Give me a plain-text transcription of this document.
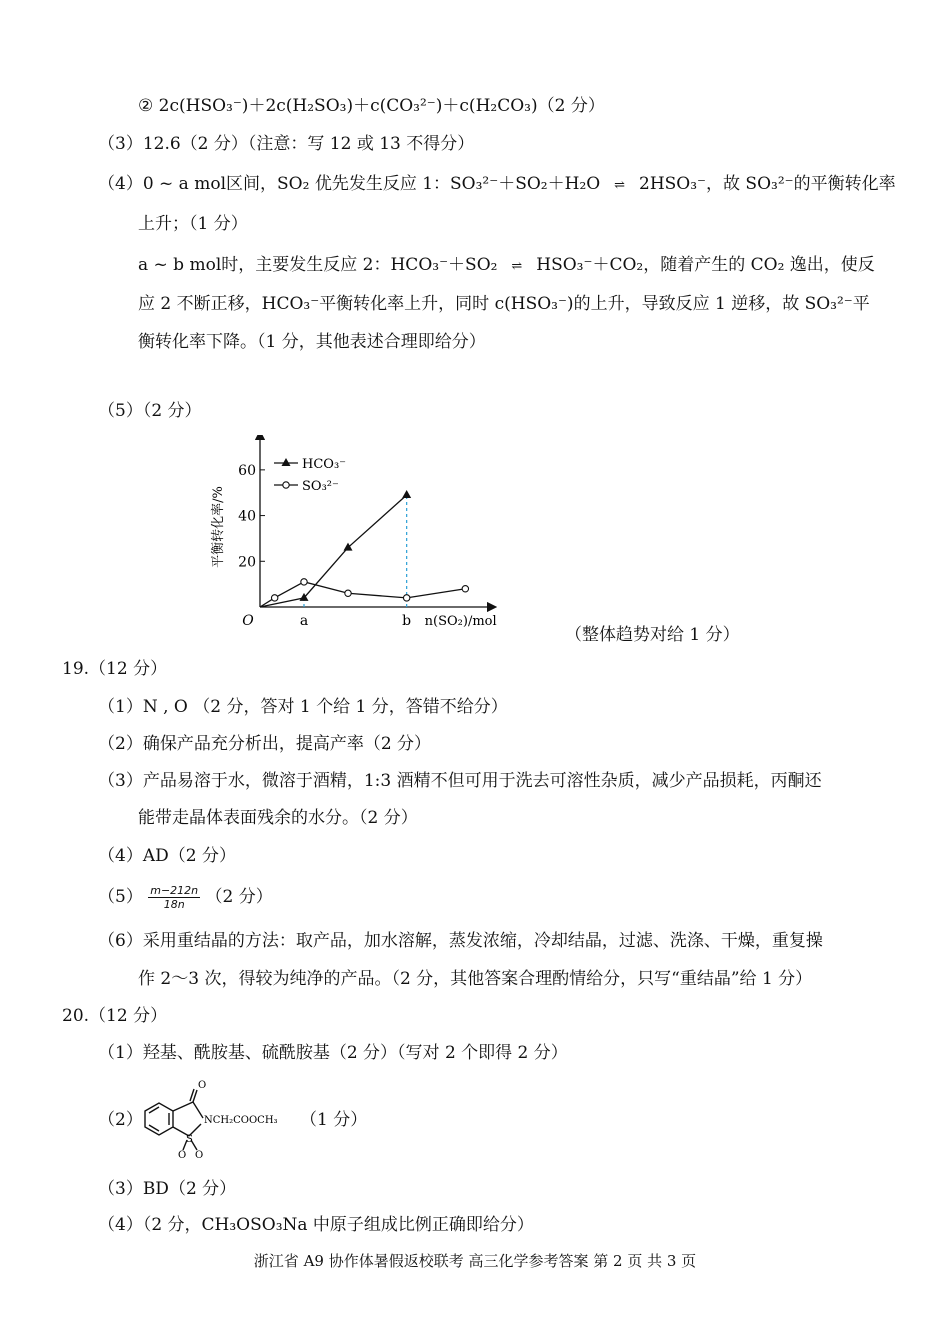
② 2c(HSO₃⁻)＋2c(H₂SO₃)＋c(CO₃²⁻)＋c(H₂CO₃)（2 分）
（3）12.6（2 分）（注意：写 12 或 13 不得分）
（4）0 ~ a mol区间，SO₂ 优先发生反应 1：SO₃²⁻＋SO₂＋H₂O ⇌ 2HSO₃⁻，故 SO₃²⁻的平衡转化率
上升；（1 分）
a ~ b mol时，主要发生反应 2：HCO₃⁻＋SO₂ ⇌ HSO₃⁻＋CO₂，随着产生的 CO₂ 逸出，使反
应 2 不断正移，HCO₃⁻平衡转化率上升，同时 c(HSO₃⁻)的上升，导致反应 1 逆移，故 SO₃²⁻平
衡转化率下降。（1 分，其他表述合理即给分）
（5）（2 分）
20
40
60
a	b
O	n(SO₂)/mol
平衡转化率/%
HCO₃⁻
SO₃²⁻
（整体趋势对给 1 分）
19.（12 分）
（1）N , O （2 分，答对 1 个给 1 分，答错不给分）
（2）确保产品充分析出，提高产率（2 分）
（3）产品易溶于水，微溶于酒精，1:3 酒精不但可用于洗去可溶性杂质，减少产品损耗，丙酮还
能带走晶体表面残余的水分。（2 分）
（4）AD（2 分）
$(5) \frac{m-212n}{18n} (2$ 分）
（6）采用重结晶的方法：取产品，加水溶解，蒸发浓缩，冷却结晶，过滤、洗涤、干燥，重复操
作 2～3 次，得较为纯净的产品。（2 分，其他答案合理酌情给分，只写“重结晶”给 1 分）
20.（12 分）
（1）羟基、酰胺基、硫酰胺基（2 分）（写对 2 个即得 2 分）
（2）
O
NCH₂COOCH₃
S
O O
（1 分）
（3）BD（2 分）
（4）（2 分，CH₃OSO₃Na 中原子组成比例正确即给分）
浙江省 A9 协作体暑假返校联考 高三化学参考答案 第 2 页 共 3 页
